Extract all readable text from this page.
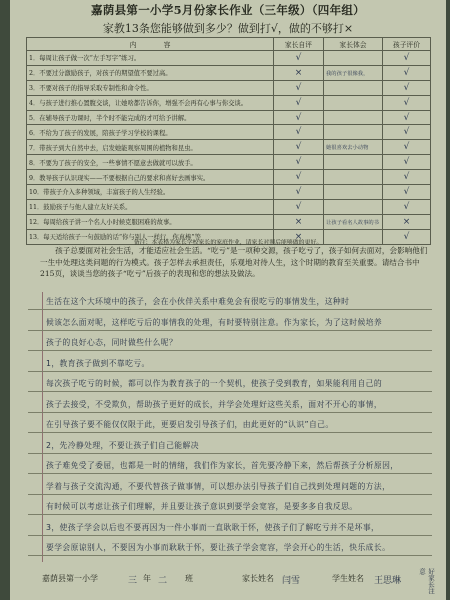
嘉荫县第一小学5月份家长作业（三年级）（四年组）
家教13条您能够做到多少？做到打√，做的不够打×
内　　　　容	家长自评	家长体会	孩子评价
1．每周让孩子做一次“左手写字”练习。	√		√
2．不要过分激励孩子，对孩子的期望值不要过高。	×	我的孩子很像我，	√
3．不要对孩子的指导采取专制性和命令性。	√		√
4．与孩子进行推心置腹交谈，让她啥都告诉你，增强不会再有心事与你交谈。	√		√
5．在辅导孩子功课时，半个时不能完成的才可给予讲解。	√		√
6．不给为了孩子的发展，陪孩子学习学校的课程。	√		√
7．带孩子到大自然中去，启发她能观察周围的植物和昆虫。	√	她很喜欢去小动物	√
8．不要为了孩子的安全，一些事情不愿意去做就可以放手。	√		√
9．教导孩子认识现实——不要根据自己的要求和喜好去画事实。	√		√
10．带孩子介入多种领域，丰富孩子的人生经验。	√		√
11．鼓励孩子与他人建立友好关系。	√		√
12．每周给孩子讲一个名人小时候克服困难的故事。	×	让孩子看名人故事的书	×
13．每天适给孩子一句鼓励的话“你与别人一样行，你真棒”等	×		√
备注：本表格为家长学校家长的家庭作业，请家长对照后能够做的更好。
　　孩子总要面对社会生活，才能适应社会生活。“吃亏”是一项种交源，孩子吃亏了，孩子如何去面对，会影响他们一生中处理这类问题的行为模式。孩子怎样去承担责任，乐观地对待人生，这个时期的教育至关重要。请结合书中215页，谈谈当您的孩子“吃亏”后孩子的表现和您的想法及做法。
生活在这个大环境中的孩子，会在小伙伴关系中难免会有很吃亏的事情发生，这种时
候该怎么面对呢，这样吃亏后的事情我的处理，有时要特别注意。作为家长，为了这时候培养
孩子的良好心态，同时做些什么呢？
1，教育孩子做到不靠吃亏。
每次孩子吃亏的时候，都可以作为教育孩子的一个契机，使孩子受到教育，如果能利用自己的
孩子去接受，不受欺负，帮助孩子更好的成长，并学会处理好这些关系，面对不开心的事情，
在引导孩子要不能仅仅限于此，更要启发引导孩子们，由此更好的“认识”自己。
2，先冷静处理，不要让孩子们自己能解决
孩子难免受了委屈，也都是一时的情绪，我们作为家长，首先要冷静下来，然后帮孩子分析原因，
学着与孩子交流沟通，不要代替孩子做事情，可以想办法引导孩子们自己找到处理问题的方法，
有时候可以考虑让孩子们理解，并且要让孩子意识到要学会宽容，是要多多自我反思。
3，使孩子学会以后也不要再因为一件小事而一直耿耿于怀，使孩子们了解吃亏并不是坏事，
要学会原谅别人，不要因为小事而耿耿于怀，要让孩子学会宽容，学会开心的生活，快乐成长。
嘉荫县第一小学	三 年 二 班	家长姓名 闫雪	学生姓名 王思琳	好家长注意
